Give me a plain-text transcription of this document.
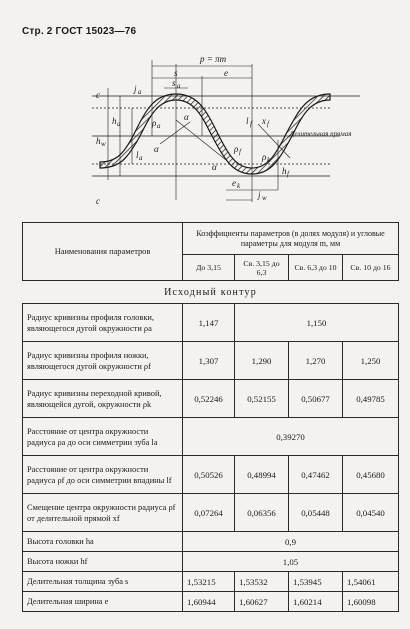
Стр. 2 ГОСТ 15023—76
p = πm
s	e
s a
j a
c
h a
h w
l a
c
ρ a
α
α
α
l f x f
ρ f ρ k
h f
e k
j w
Делительная прямая
Наименования параметров	Коэффициенты параметров (в долях модуля) и угловые параметры для модуля m, мм			
	До 3,15	Св. 3,15 до 6,3	Св. 6,3 до 10	Св. 10 до 16
Исходный контур				
Радиус кривизны профиля головки, являющегося дугой окружности ρa	1,147	1,150		
Радиус кривизны профиля ножки, являющегося дугой окружности ρf	1,307	1,290	1,270	1,250
Радиус кривизны переходной кривой, являющейся дугой, окружности ρk	0,52246	0,52155	0,50677	0,49785
Расстояние от центра окружности радиуса ρa до оси симметрии зуба la	0,39270			
Расстояние от центра окружности радиуса ρf до оси симметрии впадины lf	0,50526	0,48994	0,47462	0,45680
Смещение центра окружности радиуса ρf от делительной прямой xf	0,07264	0,06356	0,05448	0,04540
Высота головки ha	0,9			
Высота ножки hf	1,05			
Делительная толщина зуба s	1,53215	1,53532	1,53945	1,54061
Делительная ширина e	1,60944	1,60627	1,60214	1,60098
